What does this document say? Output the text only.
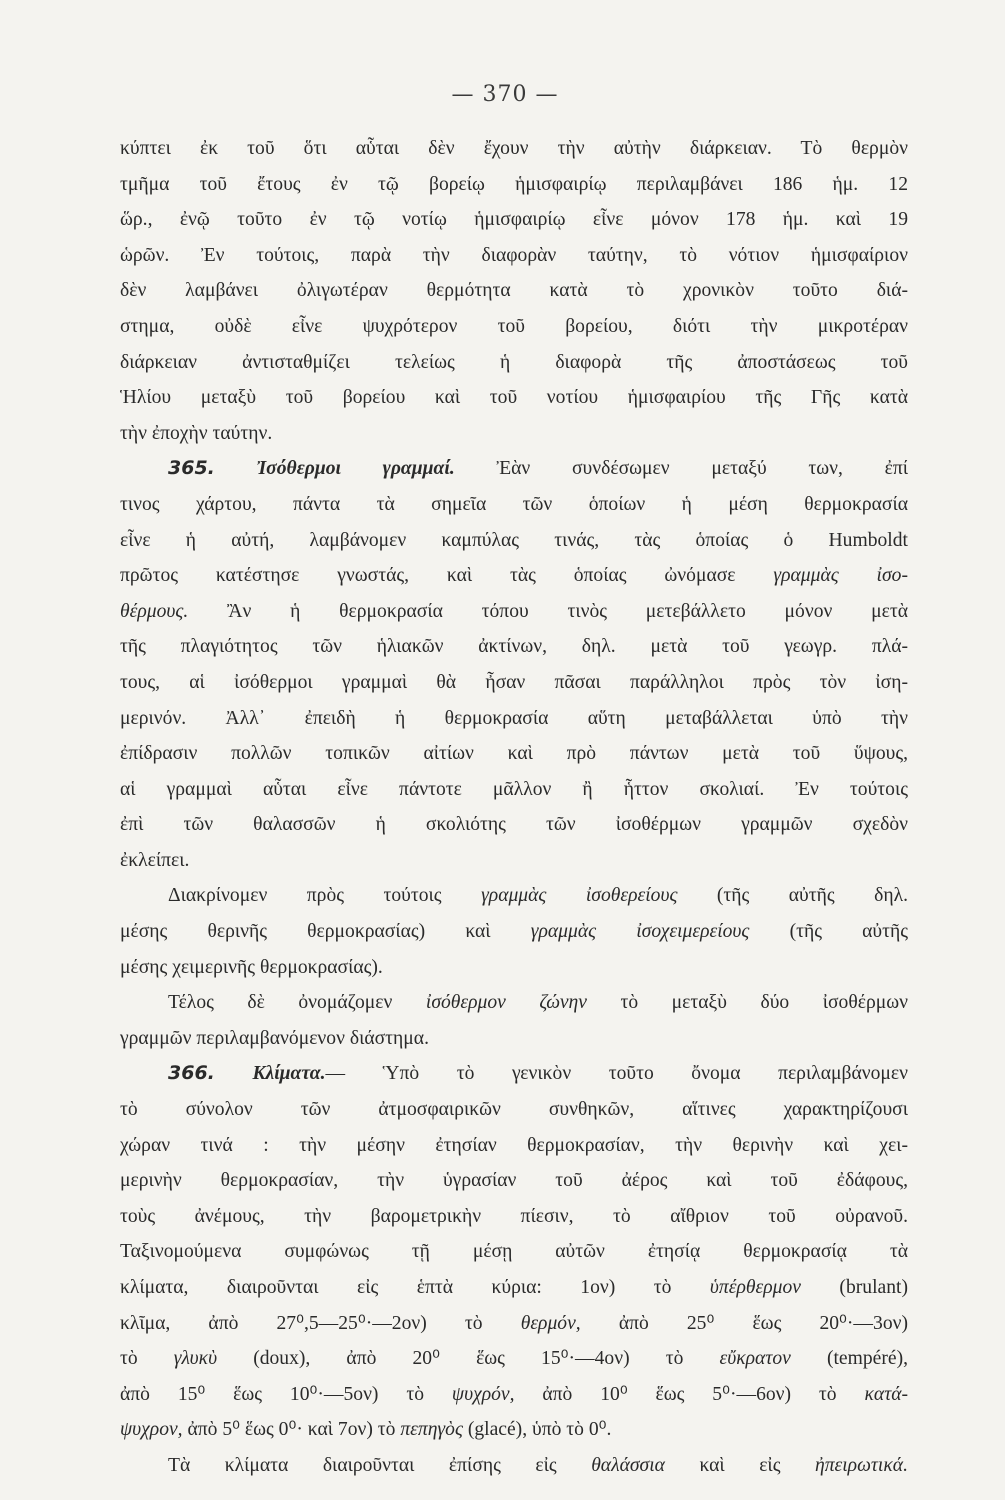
— 370 —
κύπτει ἐκ τοῦ ὅτι αὗται δὲν ἔχουν τὴν αὐτὴν διάρκειαν. Τὸ θερμὸν
τμῆμα τοῦ ἔτους ἐν τῷ βορείῳ ἡμισφαιρίῳ περιλαμβάνει 186 ἡμ. 12
ὥρ., ἐνῷ τοῦτο ἐν τῷ νοτίῳ ἡμισφαιρίῳ εἶνε μόνον 178 ἡμ. καὶ 19
ὡρῶν. Ἐν τούτοις, παρὰ τὴν διαφορὰν ταύτην, τὸ νότιον ἡμισφαίριον
δὲν λαμβάνει ὀλιγωτέραν θερμότητα κατὰ τὸ χρονικὸν τοῦτο διά-
στημα, οὐδὲ εἶνε ψυχρότερον τοῦ βορείου, διότι τὴν μικροτέραν
διάρκειαν ἀντισταθμίζει τελείως ἡ διαφορὰ τῆς ἀποστάσεως τοῦ
Ἡλίου μεταξὺ τοῦ βορείου καὶ τοῦ νοτίου ἡμισφαιρίου τῆς Γῆς κατὰ
τὴν ἐποχὴν ταύτην.
365. Ἰσόθερμοι γραμμαί. Ἐὰν συνδέσωμεν μεταξύ των, ἐπί
τινος χάρτου, πάντα τὰ σημεῖα τῶν ὁποίων ἡ μέση θερμοκρασία
εἶνε ἡ αὐτή, λαμβάνομεν καμπύλας τινάς, τὰς ὁποίας ὁ Humboldt
πρῶτος κατέστησε γνωστάς, καὶ τὰς ὁποίας ὠνόμασε γραμμὰς ἰσο-
θέρμους. Ἂν ἡ θερμοκρασία τόπου τινὸς μετεβάλλετο μόνον μετὰ
τῆς πλαγιότητος τῶν ἡλιακῶν ἀκτίνων, δηλ. μετὰ τοῦ γεωγρ. πλά-
τους, αἱ ἰσόθερμοι γραμμαὶ θὰ ἦσαν πᾶσαι παράλληλοι πρὸς τὸν ἰση-
μερινόν. Ἀλλ᾽ ἐπειδὴ ἡ θερμοκρασία αὕτη μεταβάλλεται ὑπὸ τὴν
ἐπίδρασιν πολλῶν τοπικῶν αἰτίων καὶ πρὸ πάντων μετὰ τοῦ ὕψους,
αἱ γραμμαὶ αὗται εἶνε πάντοτε μᾶλλον ἢ ἧττον σκολιαί. Ἐν τούτοις
ἐπὶ τῶν θαλασσῶν ἡ σκολιότης τῶν ἰσοθέρμων γραμμῶν σχεδὸν
ἐκλείπει.
Διακρίνομεν πρὸς τούτοις γραμμὰς ἰσοθερείους (τῆς αὐτῆς δηλ.
μέσης θερινῆς θερμοκρασίας) καὶ γραμμὰς ἰσοχειμερείους (τῆς αὐτῆς
μέσης χειμερινῆς θερμοκρασίας).
Τέλος δὲ ὀνομάζομεν ἰσόθερμον ζώνην τὸ μεταξὺ δύο ἰσοθέρμων
γραμμῶν περιλαμβανόμενον διάστημα.
366. Κλίματα.— Ὑπὸ τὸ γενικὸν τοῦτο ὄνομα περιλαμβάνομεν
τὸ σύνολον τῶν ἀτμοσφαιρικῶν συνθηκῶν, αἵτινες χαρακτηρίζουσι
χώραν τινά : τὴν μέσην ἐτησίαν θερμοκρασίαν, τὴν θερινὴν καὶ χει-
μερινὴν θερμοκρασίαν, τὴν ὑγρασίαν τοῦ ἀέρος καὶ τοῦ ἐδάφους,
τοὺς ἀνέμους, τὴν βαρομετρικὴν πίεσιν, τὸ αἴθριον τοῦ οὐρανοῦ.
Ταξινομούμενα συμφώνως τῇ μέσῃ αὐτῶν ἐτησίᾳ θερμοκρασίᾳ τὰ
κλίματα, διαιροῦνται εἰς ἑπτὰ κύρια: 1ον) τὸ ὑπέρθερμον (brulant)
κλῖμα, ἀπὸ 27⁰,5—25⁰·—2ον) τὸ θερμόν, ἀπὸ 25⁰ ἕως 20⁰·—3ον)
τὸ γλυκὺ (doux), ἀπὸ 20⁰ ἕως 15⁰·—4ον) τὸ εὔκρατον (tempéré),
ἀπὸ 15⁰ ἕως 10⁰·—5ον) τὸ ψυχρόν, ἀπὸ 10⁰ ἕως 5⁰·—6ον) τὸ κατά-
ψυχρον, ἀπὸ 5⁰ ἕως 0⁰· καὶ 7ον) τὸ πεπηγὸς (glacé), ὑπὸ τὸ 0⁰.
Τὰ κλίματα διαιροῦνται ἐπίσης εἰς θαλάσσια καὶ εἰς ἠπειρωτικά.
